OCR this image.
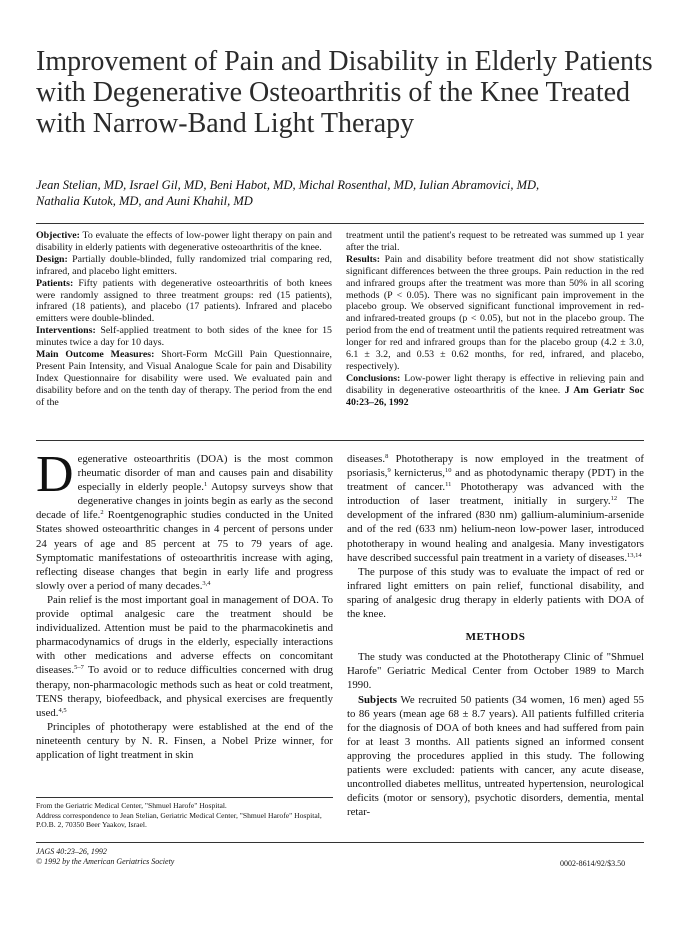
Improvement of Pain and Disability in Elderly Patients with Degenerative Osteoarthritis of the Knee Treated with Narrow-Band Light Therapy
Jean Stelian, MD, Israel Gil, MD, Beni Habot, MD, Michal Rosenthal, MD, Iulian Abramovici, MD,
Nathalia Kutok, MD, and Auni Khahil, MD

Objective: To evaluate the effects of low-power light therapy on pain and disability in elderly patients with degenerative osteoarthritis of the knee.

Design: Partially double-blinded, fully randomized trial comparing red, infrared, and placebo light emitters.

Patients: Fifty patients with degenerative osteoarthritis of both knees were randomly assigned to three treatment groups: red (15 patients), infrared (18 patients), and placebo (17 patients). Infrared and placebo emitters were double-blinded.

Interventions: Self-applied treatment to both sides of the knee for 15 minutes twice a day for 10 days.

Main Outcome Measures: Short-Form McGill Pain Questionnaire, Present Pain Intensity, and Visual Analogue Scale for pain and Disability Index Questionnaire for disability were used. We evaluated pain and disability before and on the tenth day of therapy. The period from the end of the

treatment until the patient's request to be retreated was summed up 1 year after the trial.

Results: Pain and disability before treatment did not show statistically significant differences between the three groups. Pain reduction in the red and infrared groups after the treatment was more than 50% in all scoring methods (P < 0.05). There was no significant pain improvement in the placebo group. We observed significant functional improvement in red- and infrared-treated groups (p < 0.05), but not in the placebo group. The period from the end of treatment until the patients required retreatment was longer for red and infrared groups than for the placebo group (4.2 ± 3.0, 6.1 ± 3.2, and 0.53 ± 0.62 months, for red, infrared, and placebo, respectively).

Conclusions: Low-power light therapy is effective in relieving pain and disability in degenerative osteoarthritis of the knee. J Am Geriatr Soc 40:23–26, 1992

Degenerative osteoarthritis (DOA) is the most common rheumatic disorder of man and causes pain and disability especially in elderly people.$^1$ Autopsy surveys show that degenerative changes in joints begin as early as the second decade of life.$^2$ Roentgenographic studies conducted in the United States showed osteoarthritic changes in 4 percent of persons under 24 years of age and 85 percent at 75 to 79 years of age. Symptomatic manifestations of osteoarthritis increase with aging, reflecting disease changes that begin in early life and progress slowly over a period of many decades.$^{3,4}$

Pain relief is the most important goal in management of DOA. To provide optimal analgesic care the treatment should be individualized. Attention must be paid to the pharmacokinetis and pharmacodynamics of drugs in the elderly, especially interactions with other medications and adverse effects on concomitant diseases.$^{5-7}$ To avoid or to reduce difficulties concerned with drug therapy, non-pharmacologic methods such as heat or cold treatment, TENS therapy, biofeedback, and physical exercises are frequently used.$^{4,5}$

Principles of phototherapy were established at the end of the nineteenth century by N. R. Finsen, a Nobel Prize winner, for application of light treatment in skin

diseases.$^8$ Phototherapy is now employed in the treatment of psoriasis,$^9$ kernicterus,$^{10}$ and as photodynamic therapy (PDT) in the treatment of cancer.$^{11}$ Phototherapy was advanced with the introduction of laser treatment, initially in surgery.$^{12}$ The development of the infrared (830 nm) gallium-aluminium-arsenide and of the red (633 nm) helium-neon low-power laser, introduced phototherapy in wound healing and analgesia. Many investigators have described successful pain treatment in a variety of diseases.$^{13,14}$

The purpose of this study was to evaluate the impact of red or infrared light emitters on pain relief, functional disability, and sparing of analgesic drug therapy in elderly patients with DOA of the knee.

METHODS

The study was conducted at the Phototherapy Clinic of "Shmuel Harofe" Geriatric Medical Center from October 1989 to March 1990.

Subjects We recruited 50 patients (34 women, 16 men) aged 55 to 86 years (mean age 68 ± 8.7 years). All patients fulfilled criteria for the diagnosis of DOA of both knees and had suffered from pain for at least 3 months. All patients signed an informed consent approving the procedures applied in this study. The following patients were excluded: patients with cancer, any acute disease, uncontrolled diabetes mellitus, untreated hypertension, neurological deficits (motor or sensory), psychotic disorders, dementia, mental retar-

From the Geriatric Medical Center, "Shmuel Harofe" Hospital.
Address correspondence to Jean Stelian, Geriatric Medical Center, "Shmuel Harofe" Hospital, P.O.B. 2, 70350 Beer Yaakov, Israel.
JAGS 40:23–26, 1992
© 1992 by the American Geriatrics Society	0002-8614/92/$3.50
